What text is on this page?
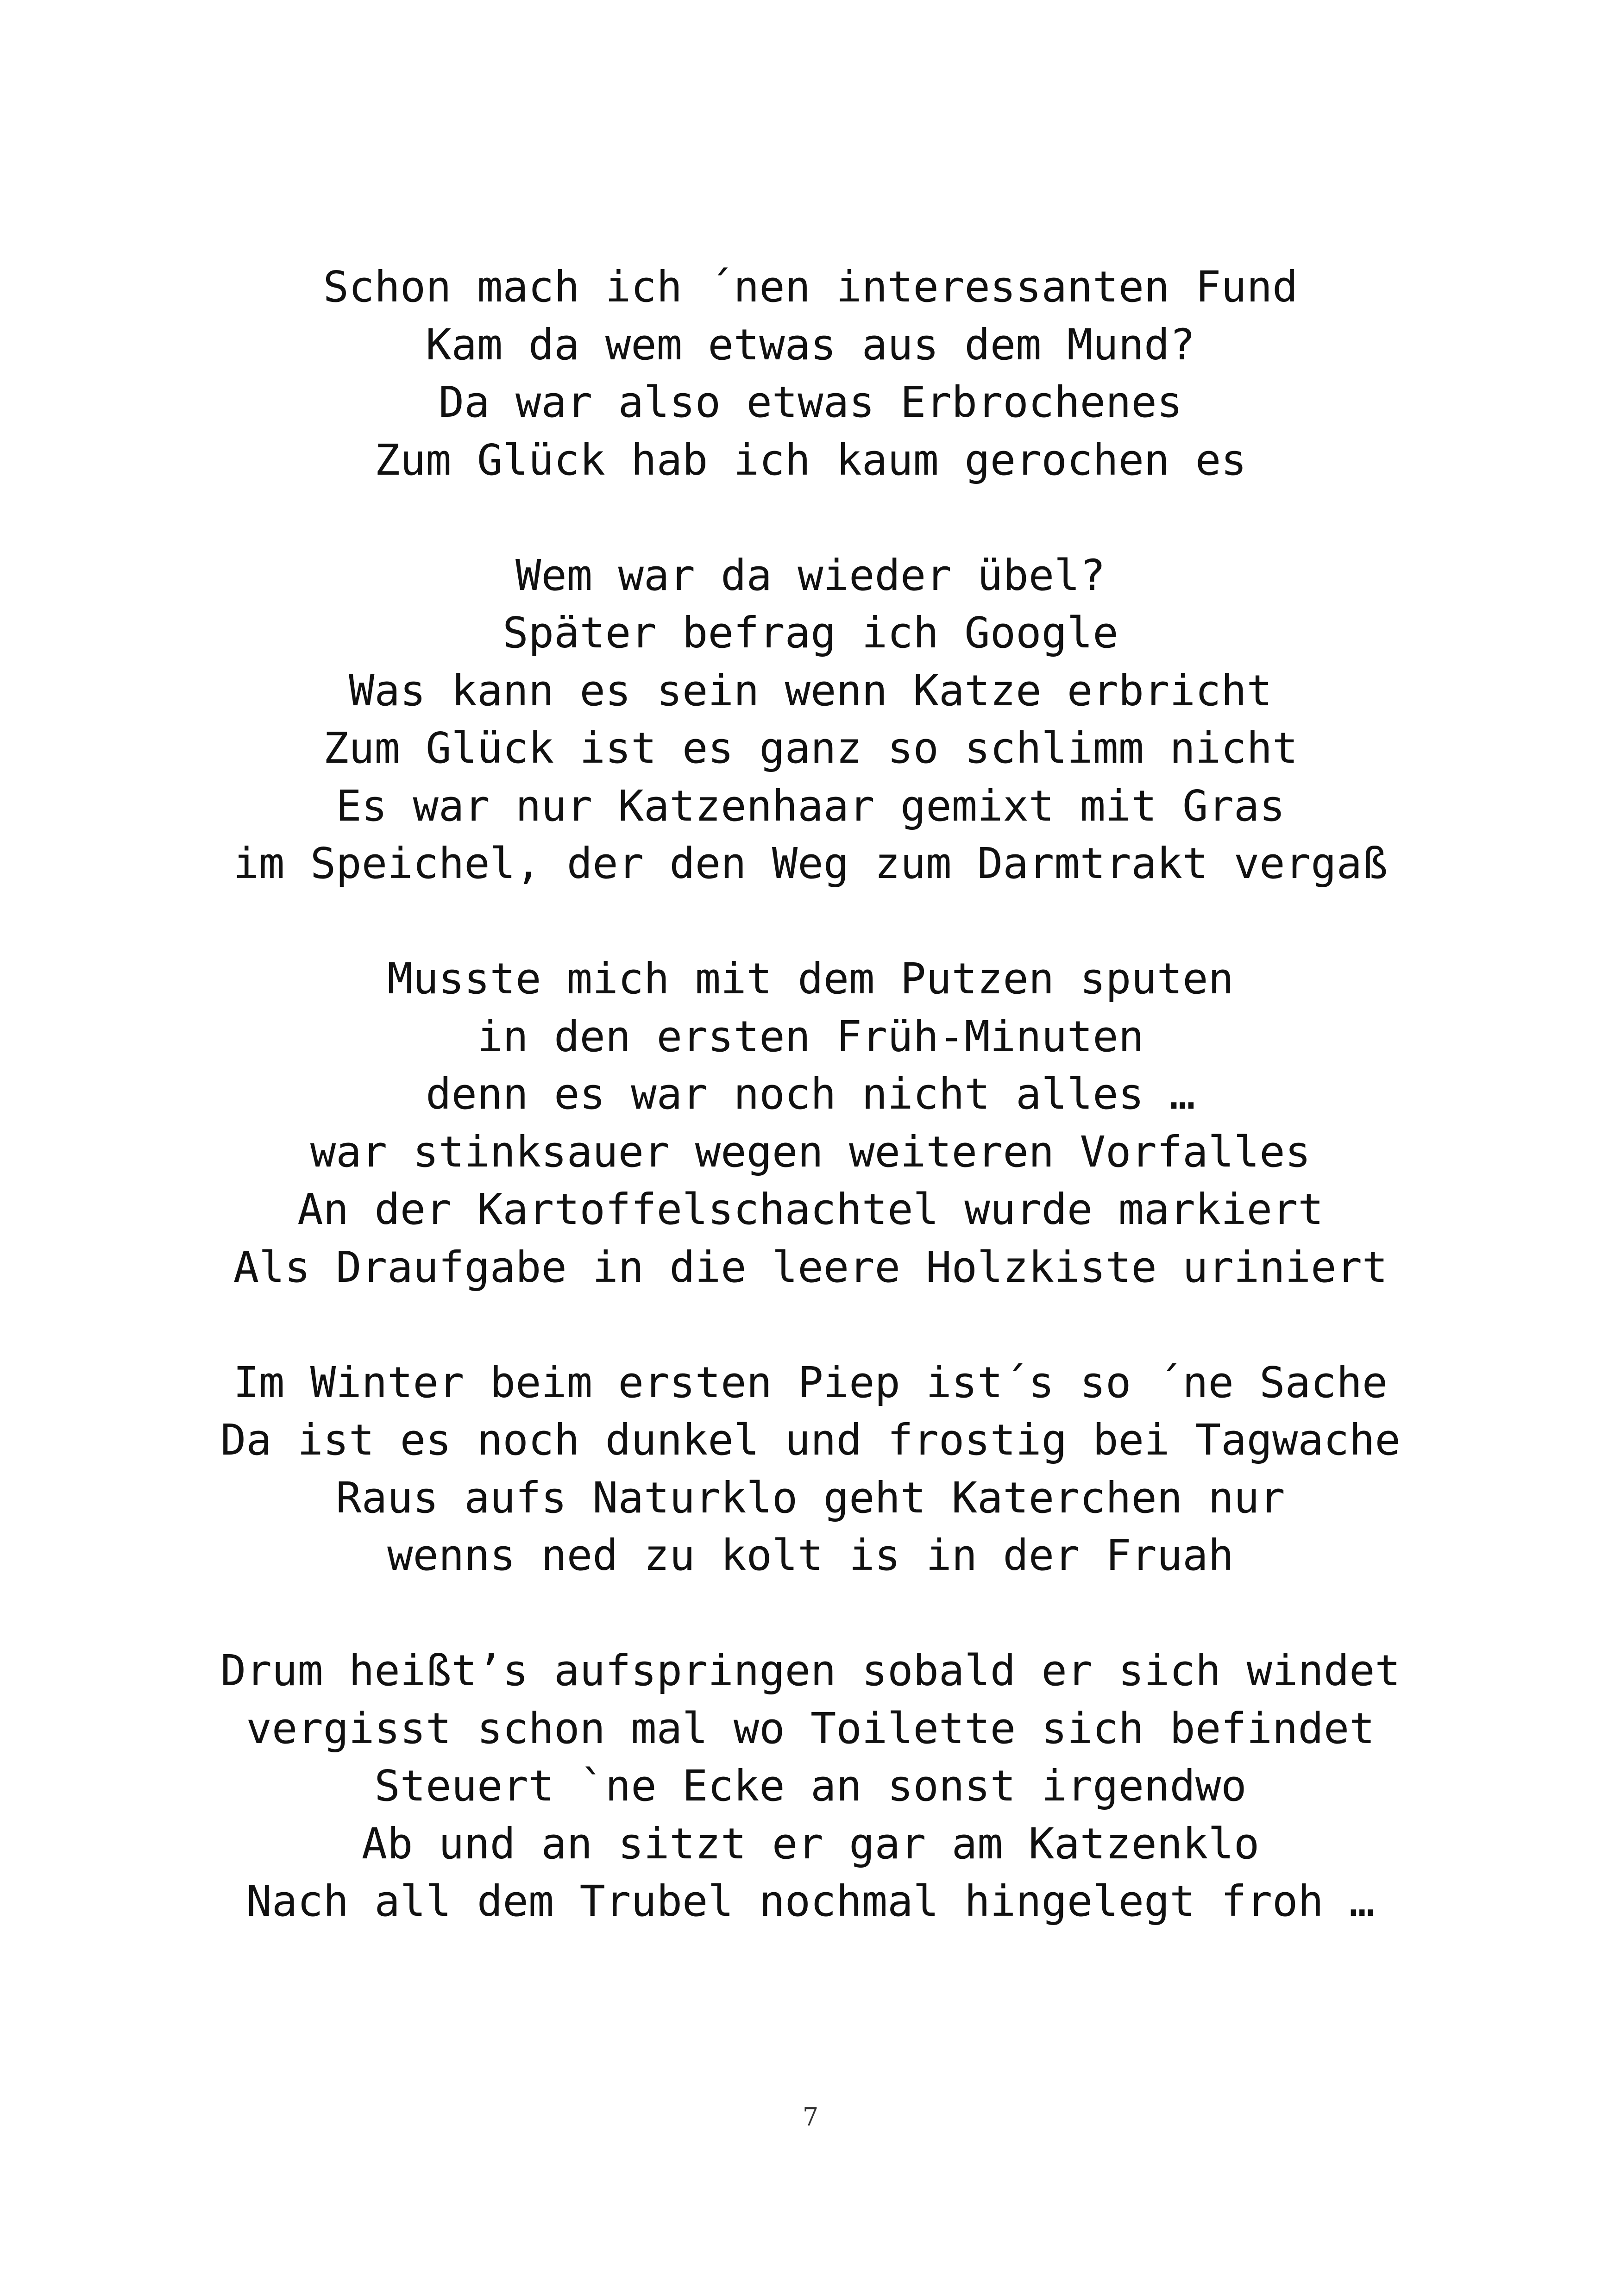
Schon mach ich ´nen interessanten Fund
Kam da wem etwas aus dem Mund?
Da war also etwas Erbrochenes
Zum Glück hab ich kaum gerochen es
Wem war da wieder übel?
Später befrag ich Google
Was kann es sein wenn Katze erbricht
Zum Glück ist es ganz so schlimm nicht
Es war nur Katzenhaar gemixt mit Gras
im Speichel, der den Weg zum Darmtrakt vergaß
Musste mich mit dem Putzen sputen
in den ersten Früh-Minuten
denn es war noch nicht alles …
war stinksauer wegen weiteren Vorfalles
An der Kartoffelschachtel wurde markiert
Als Draufgabe in die leere Holzkiste uriniert
Im Winter beim ersten Piep ist´s so ´ne Sache
Da ist es noch dunkel und frostig bei Tagwache
Raus aufs Naturklo geht Katerchen nur
wenns ned zu kolt is in der Fruah
Drum heißt’s aufspringen sobald er sich windet
vergisst schon mal wo Toilette sich befindet
Steuert `ne Ecke an sonst irgendwo
Ab und an sitzt er gar am Katzenklo
Nach all dem Trubel nochmal hingelegt froh …
7
